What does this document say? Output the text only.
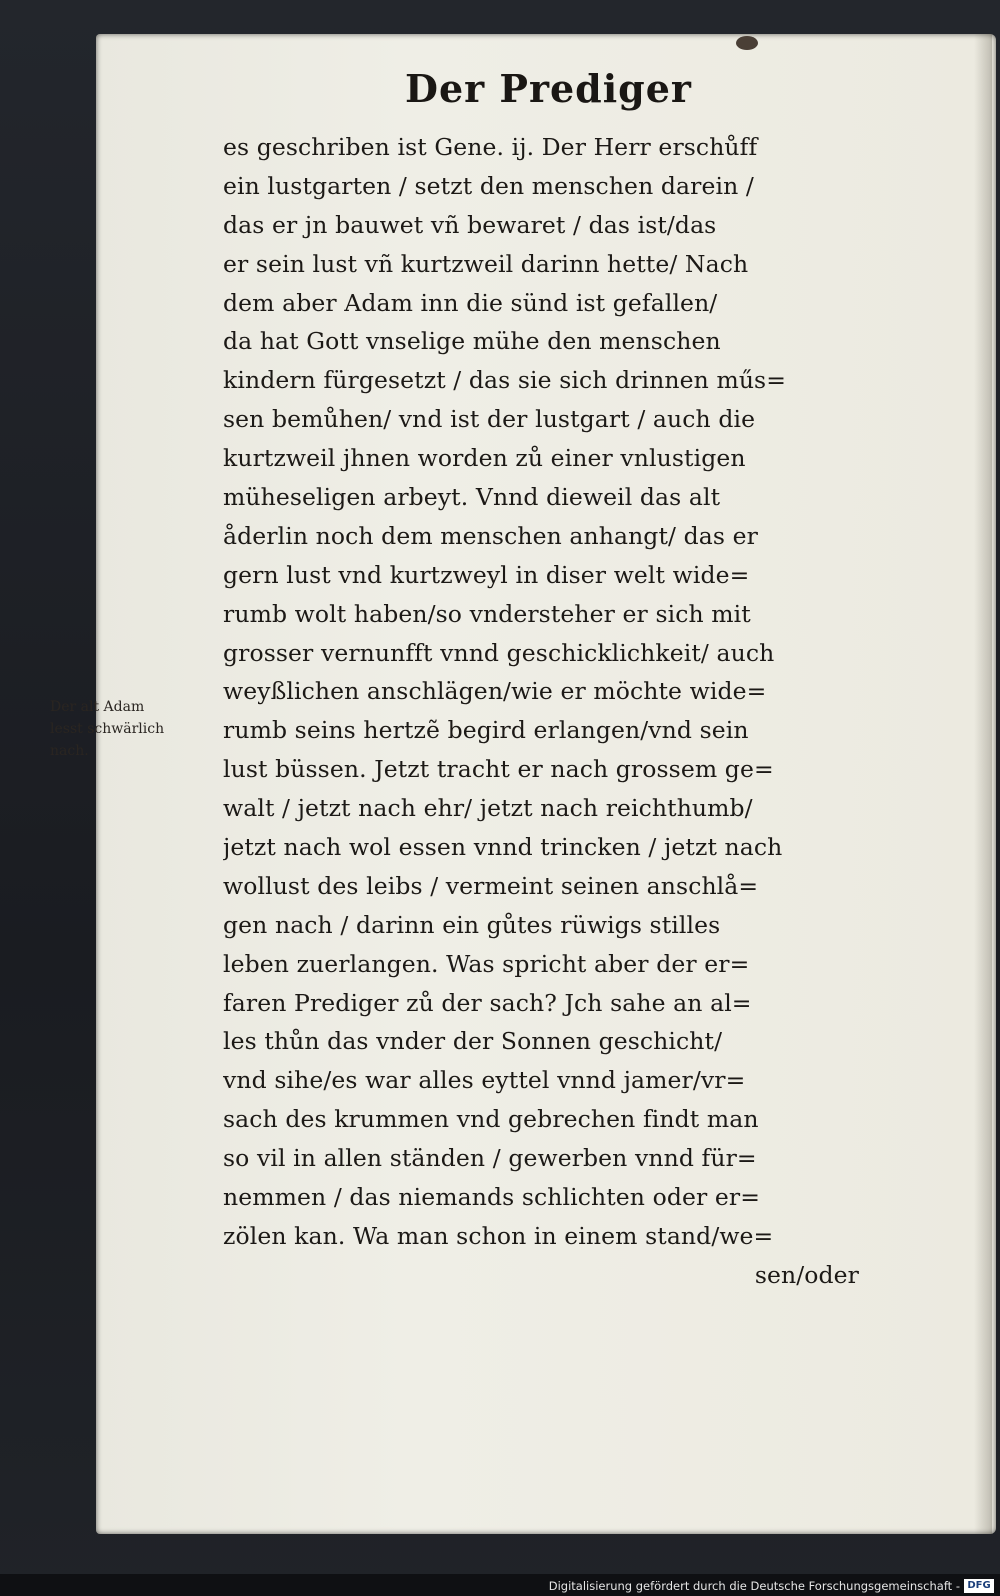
Der Prediger
es geschriben ist Gene. ij. Der Herr erschůff
ein lustgarten / setzt den menschen darein /
das er jn bauwet vñ bewaret / das ist/das
er sein lust vñ kurtzweil darinn hette/ Nach
dem aber Adam inn die sünd ist gefallen/
da hat Gott vnselige mühe den menschen
kindern fürgesetzt / das sie sich drinnen műs=
sen bemůhen/ vnd ist der lustgart / auch die
kurtzweil jhnen worden zů einer vnlustigen
müheseligen arbeyt. Vnnd dieweil das alt
åderlin noch dem menschen anhangt/ das er
gern lust vnd kurtzweyl in diser welt wide=
rumb wolt haben/so vndersteher er sich mit
grosser vernunfft vnnd geschicklichkeit/ auch
weyßlichen anschlägen/wie er möchte wide=
rumb seins hertzẽ begird erlangen/vnd sein
lust büssen. Jetzt tracht er nach grossem ge=
walt / jetzt nach ehr/ jetzt nach reichthumb/
jetzt nach wol essen vnnd trincken / jetzt nach
wollust des leibs / vermeint seinen anschlå=
gen nach / darinn ein gůtes rüwigs stilles
leben zuerlangen. Was spricht aber der er=
faren Prediger zů der sach? Jch sahe an al=
les thůn das vnder der Sonnen geschicht/
vnd sihe/es war alles eyttel vnnd jamer/vr=
sach des krummen vnd gebrechen findt man
so vil in allen ständen / gewerben vnnd für=
nemmen / das niemands schlichten oder er=
zölen kan. Wa man schon in einem stand/we=
sen/oder
Der alt Adam
lesst schwärlich
nach.
Digitalisierung gefördert durch die Deutsche Forschungsgemeinschaft - DFG
